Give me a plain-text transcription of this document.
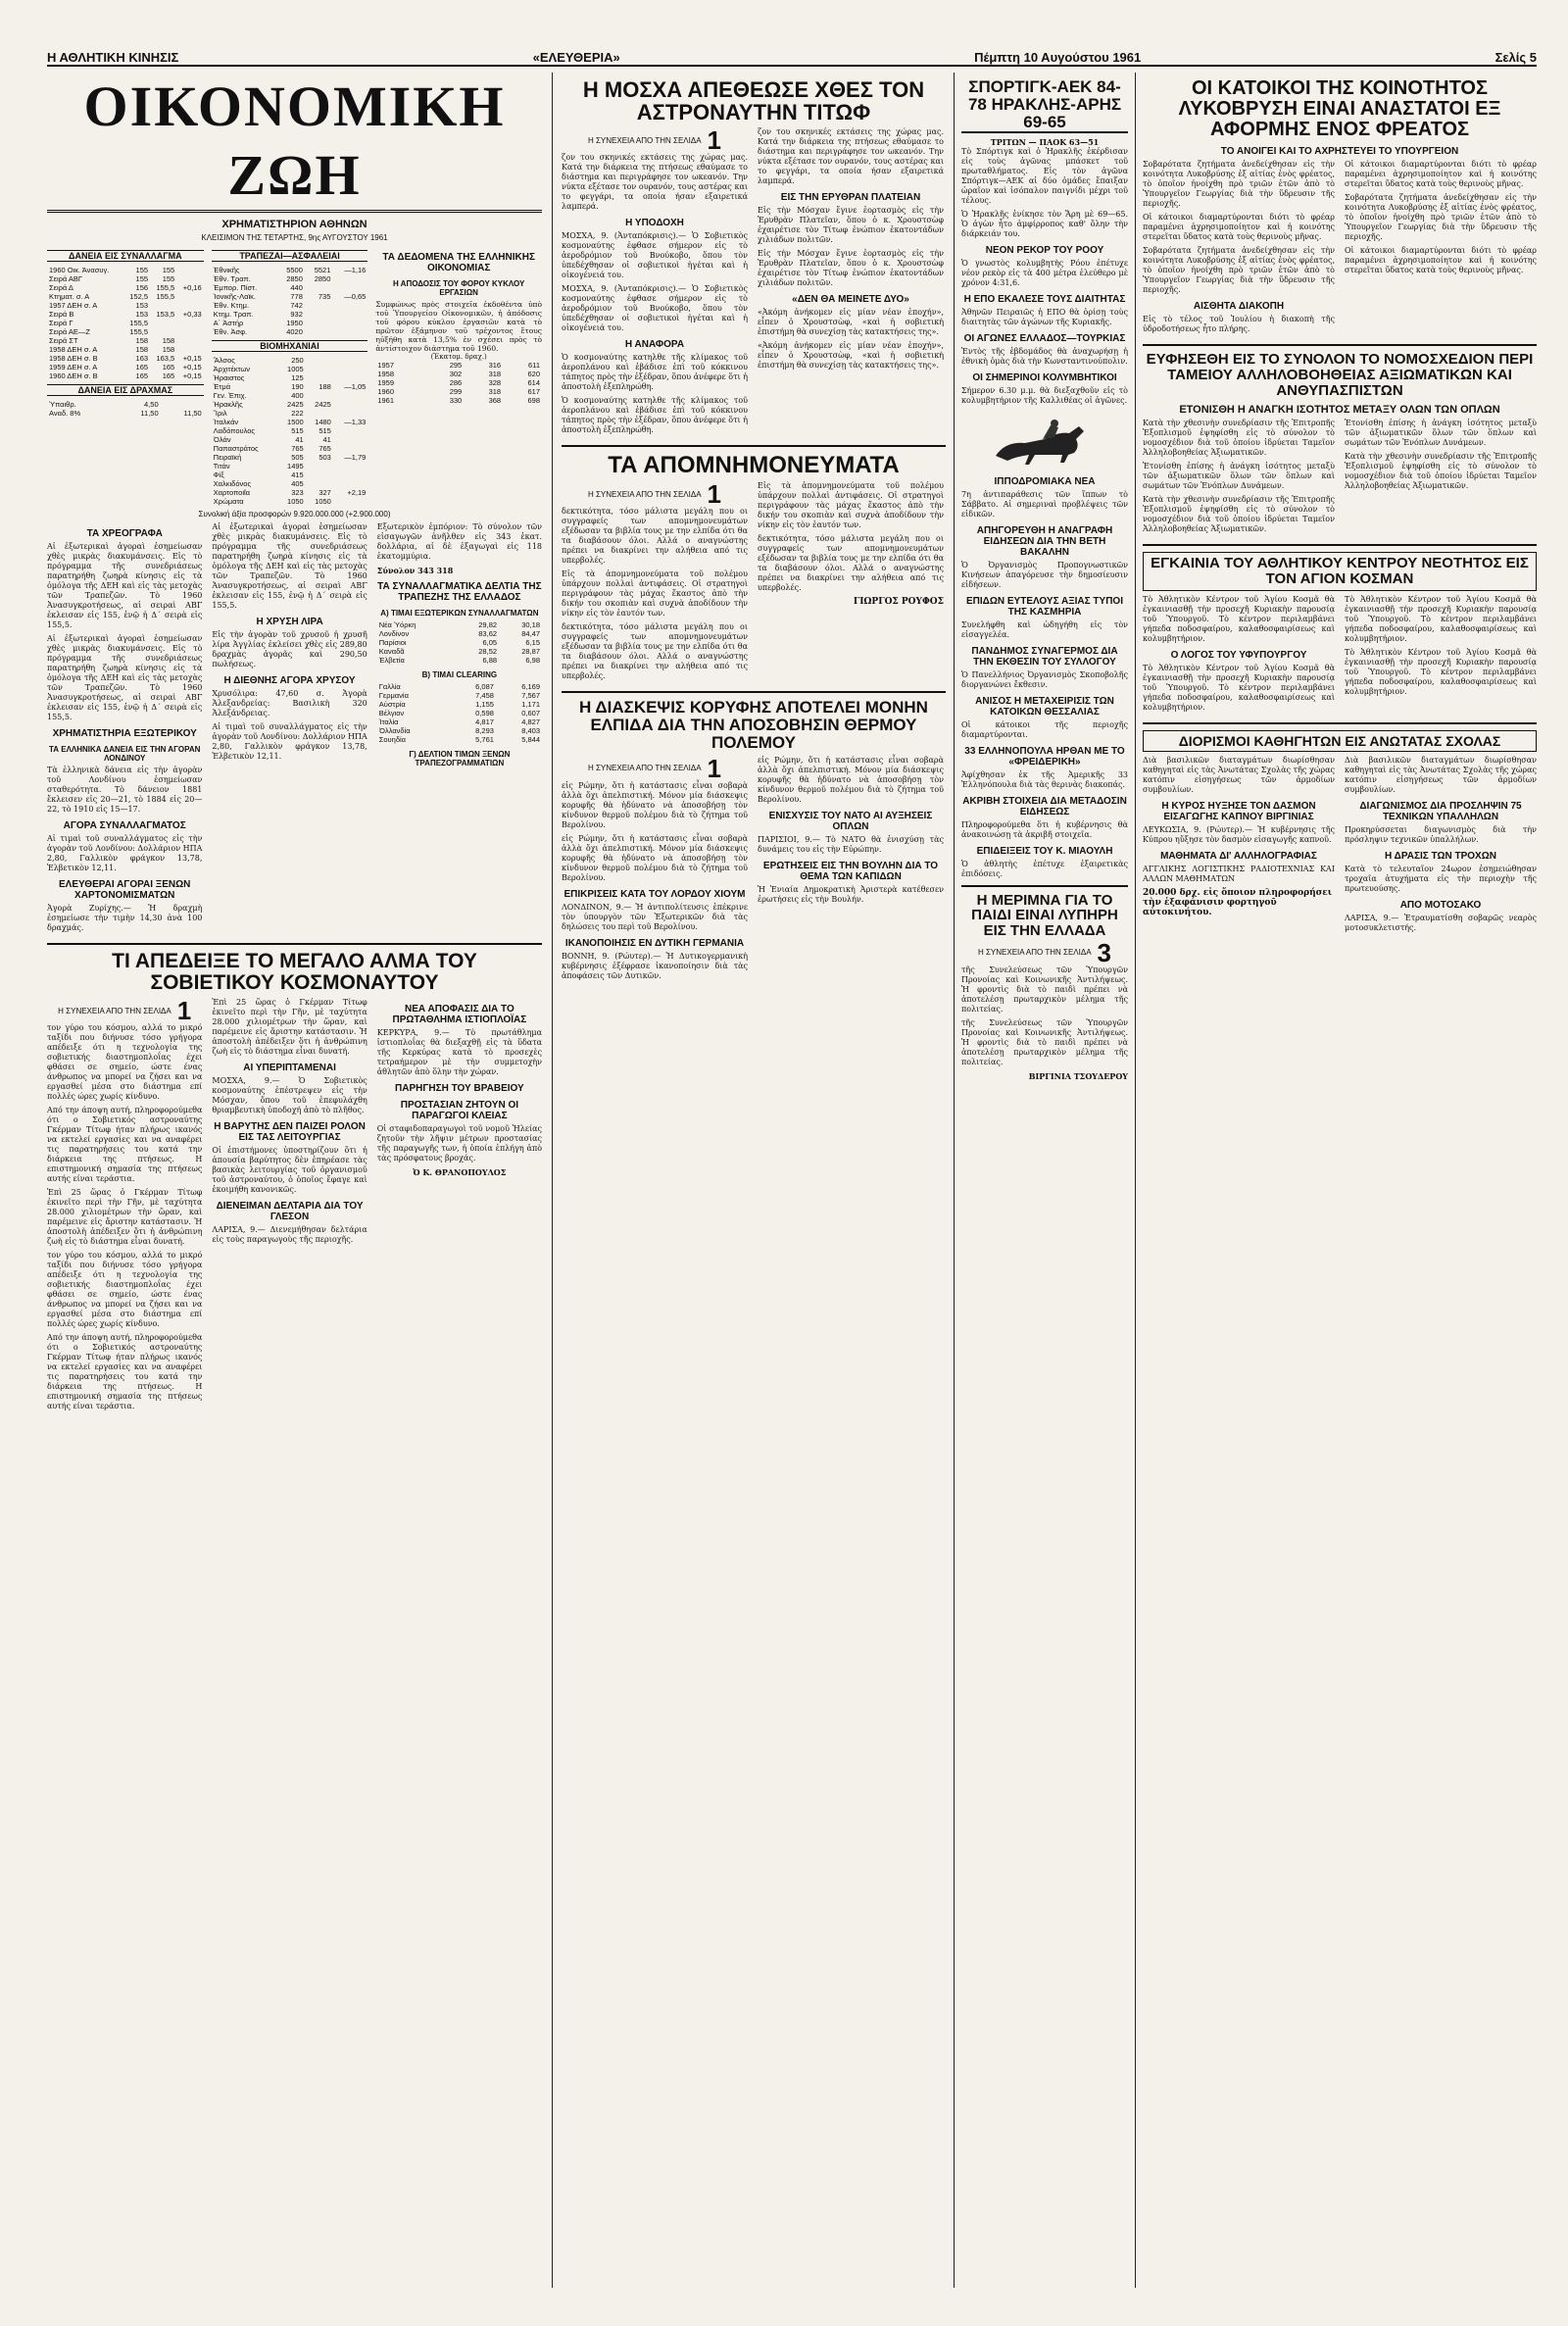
Η ΑΘΛΗΤΙΚΗ ΚΙΝΗΣΙΣ	«ΕΛΕΥΘΕΡΙΑ»	Πέμπτη 10 Αυγούστου 1961	Σελίς 5
ΟΙΚΟΝΟΜΙΚΗ ΖΩΗ
ΧΡΗΜΑΤΙΣΤΗΡΙΟΝ ΑΘΗΝΩΝ
ΚΛΕΙΣΙΜΟΝ ΤΗΣ ΤΕΤΑΡΤΗΣ, 9ης ΑΥΓΟΥΣΤΟΥ 1961
ΔΑΝΕΙΑ ΕΙΣ ΣΥΝΑΛΛΑΓΜΑ
1960 Οικ. Άνασυγ.	155	155	
Σειρά ΑΒΓ	155	155	
Σειρά Δ	156	155,5	+0,16
Κτηματ. σ. Α	152,5	155,5	
1957 ΔΕΗ σ. Α	153		
Σειρά Β	153	153,5	+0,33
Σειρά Γ	155,5		
Σειρά ΑΕ—Ζ	155,5		
Σειρά ΣΤ	158	158	
1958 ΔΕΗ σ. Α	158	158	
1958 ΔΕΗ σ. Β	163	163,5	+0,15
1959 ΔΕΗ σ. Α	165	165	+0,15
1960 ΔΕΗ σ. Β	165	165	+0,15
ΔΑΝΕΙΑ ΕΙΣ ΔΡΑΧΜΑΣ
Ὑπαιθρ.	4,50	
Αναδ. 8%	11,50	11,50
ΤΡΑΠΕΖΑΙ—ΑΣΦΑΛΕΙΑΙ
Ἐθνικῆς	5500	5521	—1,16
Ἐθν. Τραπ.	2850	2850	
Ἐμπορ. Πίστ.	440		
Ἰονικῆς-Λαϊκ.	778	735	—0,65
Ἐθν. Κτημ.	742		
Κτημ. Τραπ.	932		
Α΄ Ἀστήρ	1950		
Ἐθν. Ἀσφ.	4020		
ΒΙΟΜΗΧΑΝΙΑΙ
Ἄλσος	250		
Ἀρχιτέκτων	1005		
Ἡραιστος	125		
Ἐτμά	190	188	—1,05
Γεν. Ἐπιχ.	400		
Ἡρακλῆς	2425	2425	
Ἴριλ	222		
Ἰταλκάν	1500	1480	—1,33
Λαδόπουλος	515	515	
Ὀλάν	41	41	
Παπαστράτος	765	765	
Πειραϊκή	505	503	—1,79
Τιτάν	1495		
Φίξ	415		
Χαλκιδόνος	405		
Χαρτοποιΐα	323	327	+2,19
Χρώματα	1050	1050	
ΤΑ ΔΕΔΟΜΕΝΑ ΤΗΣ ΕΛΛΗΝΙΚΗΣ ΟΙΚΟΝΟΜΙΑΣ
Η ΑΠΟΔΟΣΙΣ ΤΟΥ ΦΟΡΟΥ ΚΥΚΛΟΥ ΕΡΓΑΣΙΩΝ

Συμφώνως πρὸς στοιχεῖα ἐκδοθέντα ὑπὸ τοῦ Ὑπουργείου Οἰκονομικῶν, ἡ ἀπόδοσις τοῦ φόρου κύκλου ἐργασιῶν κατὰ τὸ πρῶτον ἑξάμηνον τοῦ τρέχοντος ἔτους ηὐξήθη κατὰ 13,5% ἐν σχέσει πρὸς τὸ ἀντίστοιχον διάστημα τοῦ 1960.

(Ἑκατομ. δραχ.)
1957	295	316	611
1958	302	318	620
1959	286	328	614
1960	299	318	617
1961	330	368	698
Συνολική άξία προσφορών 9.920.000.000 (+2.900.000)
ΤΑ ΧΡΕΟΓΡΑΦΑ

Αἱ ἐξωτερικαὶ ἀγοραὶ ἐσημείωσαν χθὲς μικρὰς διακυμάνσεις. Εἰς τὸ πρόγραμμα τῆς συνεδριάσεως παρατηρήθη ζωηρὰ κίνησις εἰς τὰ ὁμόλογα τῆς ΔΕΗ καὶ εἰς τὰς μετοχὰς τῶν Τραπεζῶν. Τὸ 1960 Ἀνασυγκροτήσεως, αἱ σειραὶ ΑΒΓ ἐκλεισαν εἰς 155, ἐνῷ ἡ Δ΄ σειρὰ εἰς 155,5.

Αἱ ἐξωτερικαὶ ἀγοραὶ ἐσημείωσαν χθὲς μικρὰς διακυμάνσεις. Εἰς τὸ πρόγραμμα τῆς συνεδριάσεως παρατηρήθη ζωηρὰ κίνησις εἰς τὰ ὁμόλογα τῆς ΔΕΗ καὶ εἰς τὰς μετοχὰς τῶν Τραπεζῶν. Τὸ 1960 Ἀνασυγκροτήσεως, αἱ σειραὶ ΑΒΓ ἐκλεισαν εἰς 155, ἐνῷ ἡ Δ΄ σειρὰ εἰς 155,5.

ΧΡΗΜΑΤΙΣΤΗΡΙΑ ΕΞΩΤΕΡΙΚΟΥ
ΤΑ ΕΛΛΗΝΙΚΑ ΔΑΝΕΙΑ ΕΙΣ ΤΗΝ ΑΓΟΡΑΝ ΛΟΝΔΙΝΟΥ

Τὰ ἑλληνικὰ δάνεια εἰς τὴν ἀγορὰν τοῦ Λονδίνου ἐσημείωσαν σταθερότητα. Τὸ δάνειον 1881 ἔκλεισεν εἰς 20—21, τὸ 1884 εἰς 20—22, τὸ 1910 εἰς 15—17.

ΑΓΟΡΑ ΣΥΝΑΛΛΑΓΜΑΤΟΣ

Αἱ τιμαὶ τοῦ συναλλάγματος εἰς τὴν ἀγορὰν τοῦ Λονδίνου: Δολλάριον ΗΠΑ 2,80, Γαλλικὸν φράγκον 13,78, Ἑλβετικὸν 12,11.

ΕΛΕΥΘΕΡΑΙ ΑΓΟΡΑΙ ΞΕΝΩΝ ΧΑΡΤΟΝΟΜΙΣΜΑΤΩΝ

Ἀγορὰ Ζυρίχης.— Ἡ δραχμὴ ἐσημείωσε τὴν τιμὴν 14,30 ἀνὰ 100 δραχμάς.

Αἱ ἐξωτερικαὶ ἀγοραὶ ἐσημείωσαν χθὲς μικρὰς διακυμάνσεις. Εἰς τὸ πρόγραμμα τῆς συνεδριάσεως παρατηρήθη ζωηρὰ κίνησις εἰς τὰ ὁμόλογα τῆς ΔΕΗ καὶ εἰς τὰς μετοχὰς τῶν Τραπεζῶν. Τὸ 1960 Ἀνασυγκροτήσεως, αἱ σειραὶ ΑΒΓ ἐκλεισαν εἰς 155, ἐνῷ ἡ Δ΄ σειρὰ εἰς 155,5.

Η ΧΡΥΣΗ ΛΙΡΑ

Εἰς τὴν ἀγορὰν τοῦ χρυσοῦ ἡ χρυσῆ λίρα Ἀγγλίας ἐκλείσει χθὲς εἰς 289,80 δραχμὰς ἀγορᾶς καὶ 290,50 πωλήσεως.

Η ΔΙΕΘΝΗΣ ΑΓΟΡΑ ΧΡΥΣΟΥ

Χρυσόλιρα: 47,60 σ. Ἀγορὰ Ἀλεξανδρείας: Βασιλικὴ 320 Ἀλεξάνδρειας.

Αἱ τιμαὶ τοῦ συναλλάγματος εἰς τὴν ἀγορὰν τοῦ Λονδίνου: Δολλάριον ΗΠΑ 2,80, Γαλλικὸν φράγκον 13,78, Ἑλβετικὸν 12,11.

Εξωτερικὸν ἐμπόριον: Τὸ σύνολον τῶν εἰσαγωγῶν ἀνῆλθεν εἰς 343 ἑκατ. δολλάρια, αἱ δὲ ἐξαγωγαὶ εἰς 118 ἑκατομμύρια.

Σύνολον 343 318
ΤΑ ΣΥΝΑΛΛΑΓΜΑΤΙΚΑ ΔΕΛΤΙΑ ΤΗΣ ΤΡΑΠΕΖΗΣ ΤΗΣ ΕΛΛΑΔΟΣ
Α) ΤΙΜΑΙ ΕΞΩΤΕΡΙΚΩΝ ΣΥΝΑΛΛΑΓΜΑΤΩΝ
Νέα Ὑόρκη	29,82	30,18
Λονδίνον	83,62	84,47
Παρίσιοι	6,05	6,15
Καναδᾶ	28,52	28,87
Ἐλβετία	6,88	6,98
Β) ΤΙΜΑΙ CLEARING
Γαλλία	6,087	6,169
Γερμανία	7,458	7,567
Αὐστρία	1,155	1,171
Βέλγιον	0,598	0,607
Ἰταλία	4,817	4,827
Ὀλλανδία	8,293	8,403
Σουηδία	5,761	5,844
Γ) ΔΕΛΤΙΟΝ ΤΙΜΩΝ ΞΕΝΩΝ ΤΡΑΠΕΖΟΓΡΑΜΜΑΤΙΩΝ
ΤΙ ΑΠΕΔΕΙΞΕ ΤΟ ΜΕΓΑΛΟ ΑΛΜΑ ΤΟΥ ΣΟΒΙΕΤΙΚΟΥ ΚΟΣΜΟΝΑΥΤΟΥ
Η ΣΥΝΕΧΕΙΑ ΑΠΟ ΤΗΝ ΣΕΛΙΔΑ 1

τον γύρο του κόσμου, αλλά το μικρό ταξίδι που διήνυσε τόσο γρήγορα απέδειξε ότι η τεχνολογία της σοβιετικής διαστημοπλοΐας έχει φθάσει σε σημείο, ώστε ένας άνθρωπος να μπορεί να ζήσει και να εργασθεί μέσα στο διάστημα επί πολλές ώρες χωρίς κίνδυνο.

Από την άποψη αυτή, πληροφορούμεθα ότι ο Σοβιετικός αστροναύτης Γκέρμαν Τίτωφ ήταν πλήρως ικανός να εκτελεί εργασίες και να αναφέρει τις παρατηρήσεις του κατά την διάρκεια της πτήσεως. Η επιστημονική σημασία της πτήσεως αυτής είναι τεράστια.

Ἐπὶ 25 ὥρας ὁ Γκέρμαν Τίτωφ ἐκινεῖτο περὶ τὴν Γῆν, μὲ ταχύτητα 28.000 χιλιομέτρων τὴν ὥραν, καὶ παρέμεινε εἰς ἄριστην κατάστασιν. Ἡ ἀποστολὴ ἀπέδειξεν ὅτι ἡ ἀνθρώπινη ζωὴ εἰς τὸ διάστημα εἶναι δυνατή.

τον γύρο του κόσμου, αλλά το μικρό ταξίδι που διήνυσε τόσο γρήγορα απέδειξε ότι η τεχνολογία της σοβιετικής διαστημοπλοΐας έχει φθάσει σε σημείο, ώστε ένας άνθρωπος να μπορεί να ζήσει και να εργασθεί μέσα στο διάστημα επί πολλές ώρες χωρίς κίνδυνο.

Από την άποψη αυτή, πληροφορούμεθα ότι ο Σοβιετικός αστροναύτης Γκέρμαν Τίτωφ ήταν πλήρως ικανός να εκτελεί εργασίες και να αναφέρει τις παρατηρήσεις του κατά την διάρκεια της πτήσεως. Η επιστημονική σημασία της πτήσεως αυτής είναι τεράστια.

Ἐπὶ 25 ὥρας ὁ Γκέρμαν Τίτωφ ἐκινεῖτο περὶ τὴν Γῆν, μὲ ταχύτητα 28.000 χιλιομέτρων τὴν ὥραν, καὶ παρέμεινε εἰς ἄριστην κατάστασιν. Ἡ ἀποστολὴ ἀπέδειξεν ὅτι ἡ ἀνθρώπινη ζωὴ εἰς τὸ διάστημα εἶναι δυνατή.

ΑΙ ΥΠΕΡΙΠΤΑΜΕΝΑΙ

ΜΟΣΧΑ, 9.— Ὁ Σοβιετικὸς κοσμοναύτης ἐπέστρεψεν εἰς τὴν Μόσχαν, ὅπου τοῦ ἐπεφυλάχθη θριαμβευτικὴ ὑποδοχή ἀπὸ τὸ πλῆθος.

Η ΒΑΡΥΤΗΣ ΔΕΝ ΠΑΙΖΕΙ ΡΟΛΟΝ ΕΙΣ ΤΑΣ ΛΕΙΤΟΥΡΓΙΑΣ

Οἱ ἐπιστήμονες ὑποστηρίζουν ὅτι ἡ ἀπουσία βαρύτητος δὲν ἐπηρέασε τὰς βασικὰς λειτουργίας τοῦ ὀργανισμοῦ τοῦ ἀστροναύτου, ὁ ὁποῖος ἔφαγε καὶ ἐκοιμήθη κανονικῶς.

ΔΙΕΝΕΙΜΑΝ ΔΕΛΤΑΡΙΑ ΔΙΑ ΤΟΥ ΓΛΕΣΟΝ

ΛΑΡΙΣΑ, 9.— Διενεμήθησαν δελτάρια εἰς τοὺς παραγωγοὺς τῆς περιοχῆς.

ΝΕΑ ΑΠΟΦΑΣΙΣ ΔΙΑ ΤΟ ΠΡΩΤΑΘΛΗΜΑ ΙΣΤΙΟΠΛΟΪΑΣ

ΚΕΡΚΥΡΑ, 9.— Τὸ πρωτάθλημα ἱστιοπλοΐας θὰ διεξαχθῇ εἰς τὰ ὕδατα τῆς Κερκύρας κατὰ τὸ προσεχὲς τετραήμερον μὲ τὴν συμμετοχὴν ἀθλητῶν ἀπὸ ὅλην τὴν χώραν.

ΠΑΡΗΓΗΣΗ ΤΟΥ ΒΡΑΒΕΙΟΥ
ΠΡΟΣΤΑΣΙΑΝ ΖΗΤΟΥΝ ΟΙ ΠΑΡΑΓΩΓΟΙ ΚΛΕΙΑΣ

Οἱ σταφιδοπαραγωγοὶ τοῦ νομοῦ Ἠλείας ζητοῦν τὴν λῆψιν μέτρων προστασίας τῆς παραγωγῆς των, ἡ ὁποία ἐπλήγη ἀπὸ τὰς πρόσφατους βροχάς.

Ὀ Κ. ΘΡΑΝΟΠΟΥΛΟΣ
Η ΜΟΣΧΑ ΑΠΕΘΕΩΣΕ ΧΘΕΣ ΤΟΝ ΑΣΤΡΟΝΑΥΤΗΝ ΤΙΤΩΦ
Η ΣΥΝΕΧΕΙΑ ΑΠΟ ΤΗΝ ΣΕΛΙΔΑ 1

ζον του σκηνικές εκτάσεις της χώρας μας. Κατά την διάρκεια της πτήσεως εθαύμασε το διάστημα και περιγράφησε τον ωκεανόν. Την νύκτα εξέτασε τον ουρανόν, τους αστέρας και το φεγγάρι, τα οποία ήσαν εξαιρετικά λαμπερά.

Η ΥΠΟΔΟΧΗ

ΜΟΣΧΑ, 9. (Ἀνταπόκρισις).— Ὁ Σοβιετικὸς κοσμοναύτης ἐφθασε σήμερον εἰς τὸ ἀεροδρόμιον τοῦ Βνούκοβο, ὅπου τὸν ὑπεδέχθησαν οἱ σοβιετικοὶ ἡγέται καὶ ἡ οἰκογένειά του.

ΜΟΣΧΑ, 9. (Ἀνταπόκρισις).— Ὁ Σοβιετικὸς κοσμοναύτης ἐφθασε σήμερον εἰς τὸ ἀεροδρόμιον τοῦ Βνούκοβο, ὅπου τὸν ὑπεδέχθησαν οἱ σοβιετικοὶ ἡγέται καὶ ἡ οἰκογένειά του.

Η ΑΝΑΦΟΡΑ

Ὁ κοσμοναύτης κατηλθε τῆς κλίμακος τοῦ ἀεροπλάνου καὶ ἐβάδισε ἐπὶ τοῦ κόκκινου τάπητος πρὸς τὴν ἐξέδραν, ὅπου ἀνέφερε ὅτι ἡ ἀποστολὴ ἐξεπληρώθη.

Ὁ κοσμοναύτης κατηλθε τῆς κλίμακος τοῦ ἀεροπλάνου καὶ ἐβάδισε ἐπὶ τοῦ κόκκινου τάπητος πρὸς τὴν ἐξέδραν, ὅπου ἀνέφερε ὅτι ἡ ἀποστολὴ ἐξεπληρώθη.

ζον του σκηνικές εκτάσεις της χώρας μας. Κατά την διάρκεια της πτήσεως εθαύμασε το διάστημα και περιγράφησε τον ωκεανόν. Την νύκτα εξέτασε τον ουρανόν, τους αστέρας και το φεγγάρι, τα οποία ήσαν εξαιρετικά λαμπερά.

ΕΙΣ ΤΗΝ ΕΡΥΘΡΑΝ ΠΛΑΤΕΙΑΝ

Εἰς τὴν Μόσχαν ἔγινε ἑορτασμὸς εἰς τὴν Ἐρυθρὰν Πλατεῖαν, ὅπου ὁ κ. Χρουστσὼφ ἐχαιρέτισε τὸν Τίτωφ ἐνώπιον ἑκατοντάδων χιλιάδων πολιτῶν.

Εἰς τὴν Μόσχαν ἔγινε ἑορτασμὸς εἰς τὴν Ἐρυθρὰν Πλατεῖαν, ὅπου ὁ κ. Χρουστσὼφ ἐχαιρέτισε τὸν Τίτωφ ἐνώπιον ἑκατοντάδων χιλιάδων πολιτῶν.

«ΔΕΝ ΘΑ ΜΕΙΝΕΤΕ ΔΥΟ»

«Ἀκόμη ἀνήκομεν εἰς μίαν νέαν ἐποχήν», εἶπεν ὁ Χρουστσὼφ, «καὶ ἡ σοβιετικὴ ἐπιστήμη θὰ συνεχίσῃ τὰς κατακτήσεις της».

«Ἀκόμη ἀνήκομεν εἰς μίαν νέαν ἐποχήν», εἶπεν ὁ Χρουστσὼφ, «καὶ ἡ σοβιετικὴ ἐπιστήμη θὰ συνεχίσῃ τὰς κατακτήσεις της».

ΤΑ ΑΠΟΜΝΗΜΟΝΕΥΜΑΤΑ
Η ΣΥΝΕΧΕΙΑ ΑΠΟ ΤΗΝ ΣΕΛΙΔΑ 1

δεκτικότητα, τόσο μάλιστα μεγάλη που οι συγγραφείς των απομνημονευμάτων εξέδωσαν τα βιβλία τους με την ελπίδα ότι θα τα διαβάσουν όλοι. Αλλά ο αναγνώστης πρέπει να διακρίνει την αλήθεια από τις υπερβολές.

Εἰς τὰ ἀπομνημονεύματα τοῦ πολέμου ὑπάρχουν πολλαὶ ἀντιφάσεις. Οἱ στρατηγοὶ περιγράφουν τὰς μάχας ἕκαστος ἀπὸ τὴν δικήν του σκοπιὰν καὶ συχνὰ ἀποδίδουν τὴν νίκην εἰς τὸν ἑαυτόν των.

δεκτικότητα, τόσο μάλιστα μεγάλη που οι συγγραφείς των απομνημονευμάτων εξέδωσαν τα βιβλία τους με την ελπίδα ότι θα τα διαβάσουν όλοι. Αλλά ο αναγνώστης πρέπει να διακρίνει την αλήθεια από τις υπερβολές.

Εἰς τὰ ἀπομνημονεύματα τοῦ πολέμου ὑπάρχουν πολλαὶ ἀντιφάσεις. Οἱ στρατηγοὶ περιγράφουν τὰς μάχας ἕκαστος ἀπὸ τὴν δικήν του σκοπιὰν καὶ συχνὰ ἀποδίδουν τὴν νίκην εἰς τὸν ἑαυτόν των.

δεκτικότητα, τόσο μάλιστα μεγάλη που οι συγγραφείς των απομνημονευμάτων εξέδωσαν τα βιβλία τους με την ελπίδα ότι θα τα διαβάσουν όλοι. Αλλά ο αναγνώστης πρέπει να διακρίνει την αλήθεια από τις υπερβολές.

ΓΙΩΡΓΟΣ ΡΟΥΦΟΣ
Η ΔΙΑΣΚΕΨΙΣ ΚΟΡΥΦΗΣ ΑΠΟΤΕΛΕΙ ΜΟΝΗΝ ΕΛΠΙΔΑ ΔΙΑ ΤΗΝ ΑΠΟΣΟΒΗΣΙΝ ΘΕΡΜΟΥ ΠΟΛΕΜΟΥ
Η ΣΥΝΕΧΕΙΑ ΑΠΟ ΤΗΝ ΣΕΛΙΔΑ 1

εἰς Ρώμην, ὅτι ἡ κατάστασις εἶναι σοβαρὰ ἀλλὰ ὄχι ἀπελπιστική. Μόνον μία διάσκεψις κορυφῆς θὰ ἠδύνατο νὰ ἀποσοβήσῃ τὸν κίνδυνον θερμοῦ πολέμου διὰ τὸ ζήτημα τοῦ Βερολίνου.

εἰς Ρώμην, ὅτι ἡ κατάστασις εἶναι σοβαρὰ ἀλλὰ ὄχι ἀπελπιστική. Μόνον μία διάσκεψις κορυφῆς θὰ ἠδύνατο νὰ ἀποσοβήσῃ τὸν κίνδυνον θερμοῦ πολέμου διὰ τὸ ζήτημα τοῦ Βερολίνου.

ΕΠΙΚΡΙΣΕΙΣ ΚΑΤΑ ΤΟΥ ΛΟΡΔΟΥ ΧΙΟΥΜ

ΛΟΝΔΙΝΟΝ, 9.— Ἡ ἀντιπολίτευσις ἐπέκρινε τὸν ὑπουργὸν τῶν Ἐξωτερικῶν διὰ τὰς δηλώσεις του περὶ τοῦ Βερολίνου.

ΙΚΑΝΟΠΟΙΗΣΙΣ ΕΝ ΔΥΤΙΚΗ ΓΕΡΜΑΝΙΑ

ΒΟΝΝΗ, 9. (Ρώυτερ).— Ἡ Δυτικογερμανικὴ κυβέρνησις ἐξέφρασε ἱκανοποίησιν διὰ τὰς ἀποφάσεις τῶν Δυτικῶν.

εἰς Ρώμην, ὅτι ἡ κατάστασις εἶναι σοβαρὰ ἀλλὰ ὄχι ἀπελπιστική. Μόνον μία διάσκεψις κορυφῆς θὰ ἠδύνατο νὰ ἀποσοβήσῃ τὸν κίνδυνον θερμοῦ πολέμου διὰ τὸ ζήτημα τοῦ Βερολίνου.

ΕΝΙΣΧΥΣΙΣ ΤΟΥ ΝΑΤΟ ΑΙ ΑΥΞΗΣΕΙΣ ΟΠΛΩΝ

ΠΑΡΙΣΙΟΙ, 9.— Τὸ ΝΑΤΟ θὰ ἐνισχύσῃ τὰς δυνάμεις του εἰς τὴν Εὐρώπην.

ΕΡΩΤΗΣΕΙΣ ΕΙΣ ΤΗΝ ΒΟΥΛΗΝ ΔΙΑ ΤΟ ΘΕΜΑ ΤΩΝ ΚΑΠΙΔΩΝ

Ἡ Ἑνιαία Δημοκρατικὴ Ἀριστερὰ κατέθεσεν ἐρωτήσεις εἰς τὴν Βουλήν.

ΣΠΟΡΤΙΓΚ-ΑΕΚ 84-78 ΗΡΑΚΛΗΣ-ΑΡΗΣ 69-65
ΤΡΙΤΩΝ — ΠΑΟΚ 63—51

Τὸ Σπόρτιγκ καὶ ὁ Ἡρακλῆς ἐκέρδισαν εἰς τοὺς ἀγῶνας μπάσκετ τοῦ πρωταθλήματος. Εἰς τὸν ἀγῶνα Σπόρτιγκ—ΑΕΚ αἱ δύο ὁμάδες ἔπαιξαν ὡραῖον καὶ ἰσόπαλον παιγνίδι μέχρι τοῦ τέλους.

Ὁ Ἡρακλῆς ἐνίκησε τὸν Ἄρη μὲ 69—65. Ὁ ἀγὼν ἦτο ἀμφίρροπος καθ' ὅλην τὴν διάρκειάν του.

ΝΕΟΝ ΡΕΚΟΡ ΤΟΥ ΡΟΟΥ

Ὁ γνωστὸς κολυμβητὴς Ρόου ἐπέτυχε νέον ρεκὸρ εἰς τὰ 400 μέτρα ἐλεύθερο μὲ χρόνον 4:31,6.

Η ΕΠΟ ΕΚΑΛΕΣΕ ΤΟΥΣ ΔΙΑΙΤΗΤΑΣ

Ἀθηνῶν Πειραιῶς ἡ ΕΠΟ θὰ ὁρίσῃ τοὺς διαιτητὰς τῶν ἀγώνων τῆς Κυριακῆς.

ΟΙ ΑΓΩΝΕΣ ΕΛΛΑΔΟΣ—ΤΟΥΡΚΙΑΣ

Ἐντὸς τῆς ἑβδομάδος θὰ ἀναχωρήσῃ ἡ ἐθνικὴ ὁμὰς διὰ τὴν Κωνσταντινούπολιν.

ΟΙ ΣΗΜΕΡΙΝΟΙ ΚΟΛΥΜΒΗΤΙΚΟΙ

Σήμερον 6.30 μ.μ. θὰ διεξαχθοῦν εἰς τὸ κολυμβητήριον τῆς Καλλιθέας οἱ ἀγῶνες.

ΙΠΠΟΔΡΟΜΙΑΚΑ ΝΕΑ

7η ἀντιπαράθεσις τῶν ἵππων τὸ Σάββατο. Αἱ σημεριναὶ προβλέψεις τῶν εἰδικῶν.

ΑΠΗΓΟΡΕΥΘΗ Η ΑΝΑΓΡΑΦΗ ΕΙΔΗΣΕΩΝ ΔΙΑ ΤΗΝ ΒΕΤΗ ΒΑΚΑΛΗΝ

Ὁ Ὀργανισμὸς Προπογνωστικῶν Κινήσεων ἀπαγόρευσε τὴν δημοσίευσιν εἰδήσεων.

ΕΠΙΔΩΝ ΕΥΤΕΛΟΥΣ ΑΞΙΑΣ ΤΥΠΟΙ ΤΗΣ ΚΑΣΜΗΡΙΑ

Συνελήφθη καὶ ὡδηγήθη εἰς τὸν εἰσαγγελέα.

ΠΑΝΔΗΜΟΣ ΣΥΝΑΓΕΡΜΟΣ ΔΙΑ ΤΗΝ ΕΚΘΕΣΙΝ ΤΟΥ ΣΥΛΛΟΓΟΥ

Ὁ Πανελλήνιος Ὀργανισμὸς Σκοποβολῆς διοργανώνει ἔκθεσιν.

ΑΝΙΣΟΣ Η ΜΕΤΑΧΕΙΡΙΣΙΣ ΤΩΝ ΚΑΤΟΙΚΩΝ ΘΕΣΣΑΛΙΑΣ

Οἱ κάτοικοι τῆς περιοχῆς διαμαρτύρονται.

33 ΕΛΛΗΝΟΠΟΥΛΑ ΗΡΘΑΝ ΜΕ ΤΟ «ΦΡΕΙΔΕΡΙΚΗ»

Ἀφίχθησαν ἐκ τῆς Ἀμερικῆς 33 Ἑλληνόπουλα διὰ τὰς θερινὰς διακοπάς.

ΑΚΡΙΒΗ ΣΤΟΙΧΕΙΑ ΔΙΑ ΜΕΤΑΔΟΣΙΝ ΕΙΔΗΣΕΩΣ

Πληροφορούμεθα ὅτι ἡ κυβέρνησις θὰ ἀνακοινώσῃ τὰ ἀκριβῆ στοιχεῖα.

ΕΠΙΔΕΙΞΕΙΣ ΤΟΥ Κ. ΜΙΑΟΥΛΗ

Ὁ ἀθλητὴς ἐπέτυχε ἐξαιρετικὰς ἐπιδόσεις.

Η ΜΕΡΙΜΝΑ ΓΙΑ ΤΟ ΠΑΙΔΙ ΕΙΝΑΙ ΛΥΠΗΡΗ ΕΙΣ ΤΗΝ ΕΛΛΑΔΑ
Η ΣΥΝΕΧΕΙΑ ΑΠΟ ΤΗΝ ΣΕΛΙΔΑ 3

τῆς Συνελεύσεως τῶν Ὑπουργῶν Προνοίας καὶ Κοινωνικῆς Ἀντιλήψεως. Ἡ φροντὶς διὰ τὸ παιδὶ πρέπει νὰ ἀποτελέσῃ πρωταρχικὸν μέλημα τῆς πολιτείας.

τῆς Συνελεύσεως τῶν Ὑπουργῶν Προνοίας καὶ Κοινωνικῆς Ἀντιλήψεως. Ἡ φροντὶς διὰ τὸ παιδὶ πρέπει νὰ ἀποτελέσῃ πρωταρχικὸν μέλημα τῆς πολιτείας.

ΒΙΡΓΙΝΙΑ ΤΣΟΥΔΕΡΟΥ
ΟΙ ΚΑΤΟΙΚΟΙ ΤΗΣ ΚΟΙΝΟΤΗΤΟΣ ΛΥΚΟΒΡΥΣΗ ΕΙΝΑΙ ΑΝΑΣΤΑΤΟΙ ΕΞ ΑΦΟΡΜΗΣ ΕΝΟΣ ΦΡΕΑΤΟΣ
ΤΟ ΑΝΟΙΓΕΙ ΚΑΙ ΤΟ ΑΧΡΗΣΤΕΥΕΙ ΤΟ ΥΠΟΥΡΓΕΙΟΝ

Σοβαρότατα ζητήματα ἀνεδείχθησαν εἰς τὴν κοινότητα Λυκοβρύσης ἐξ αἰτίας ἑνὸς φρέατος, τὸ ὁποῖον ἠνοίχθη πρὸ τριῶν ἐτῶν ἀπὸ τὸ Ὑπουργεῖον Γεωργίας διὰ τὴν ὕδρευσιν τῆς περιοχῆς.

Οἱ κάτοικοι διαμαρτύρονται διότι τὸ φρέαρ παραμένει ἀχρησιμοποίητον καὶ ἡ κοινότης στερεῖται ὕδατος κατὰ τοὺς θερινοὺς μῆνας.

Σοβαρότατα ζητήματα ἀνεδείχθησαν εἰς τὴν κοινότητα Λυκοβρύσης ἐξ αἰτίας ἑνὸς φρέατος, τὸ ὁποῖον ἠνοίχθη πρὸ τριῶν ἐτῶν ἀπὸ τὸ Ὑπουργεῖον Γεωργίας διὰ τὴν ὕδρευσιν τῆς περιοχῆς.

ΑΙΣΘΗΤΑ ΔΙΑΚΟΠΗ

Εἰς τὸ τέλος τοῦ Ἰουλίου ἡ διακοπὴ τῆς ὑδροδοτήσεως ἦτο πλήρης.

Οἱ κάτοικοι διαμαρτύρονται διότι τὸ φρέαρ παραμένει ἀχρησιμοποίητον καὶ ἡ κοινότης στερεῖται ὕδατος κατὰ τοὺς θερινοὺς μῆνας.

Σοβαρότατα ζητήματα ἀνεδείχθησαν εἰς τὴν κοινότητα Λυκοβρύσης ἐξ αἰτίας ἑνὸς φρέατος, τὸ ὁποῖον ἠνοίχθη πρὸ τριῶν ἐτῶν ἀπὸ τὸ Ὑπουργεῖον Γεωργίας διὰ τὴν ὕδρευσιν τῆς περιοχῆς.

Οἱ κάτοικοι διαμαρτύρονται διότι τὸ φρέαρ παραμένει ἀχρησιμοποίητον καὶ ἡ κοινότης στερεῖται ὕδατος κατὰ τοὺς θερινοὺς μῆνας.

ΕΥΦΗΣΕΘΗ ΕΙΣ ΤΟ ΣΥΝΟΛΟΝ ΤΟ ΝΟΜΟΣΧΕΔΙΟΝ ΠΕΡΙ ΤΑΜΕΙΟΥ ΑΛΛΗΛΟΒΟΗΘΕΙΑΣ ΑΞΙΩΜΑΤΙΚΩΝ ΚΑΙ ΑΝΘΥΠΑΣΠΙΣΤΩΝ
ΕΤΟΝΙΣΘΗ Η ΑΝΑΓΚΗ ΙΣΟΤΗΤΟΣ ΜΕΤΑΞΥ ΟΛΩΝ ΤΩΝ ΟΠΛΩΝ

Κατὰ τὴν χθεσινὴν συνεδρίασιν τῆς Ἐπιτροπῆς Ἐξοπλισμοῦ ἐψηφίσθη εἰς τὸ σύνολον τὸ νομοσχέδιον διὰ τοῦ ὁποίου ἱδρύεται Ταμεῖον Ἀλληλοβοηθείας Ἀξιωματικῶν.

Ἐτονίσθη ἐπίσης ἡ ἀνάγκη ἰσότητος μεταξὺ τῶν ἀξιωματικῶν ὅλων τῶν ὅπλων καὶ σωμάτων τῶν Ἐνόπλων Δυνάμεων.

Κατὰ τὴν χθεσινὴν συνεδρίασιν τῆς Ἐπιτροπῆς Ἐξοπλισμοῦ ἐψηφίσθη εἰς τὸ σύνολον τὸ νομοσχέδιον διὰ τοῦ ὁποίου ἱδρύεται Ταμεῖον Ἀλληλοβοηθείας Ἀξιωματικῶν.

Ἐτονίσθη ἐπίσης ἡ ἀνάγκη ἰσότητος μεταξὺ τῶν ἀξιωματικῶν ὅλων τῶν ὅπλων καὶ σωμάτων τῶν Ἐνόπλων Δυνάμεων.

Κατὰ τὴν χθεσινὴν συνεδρίασιν τῆς Ἐπιτροπῆς Ἐξοπλισμοῦ ἐψηφίσθη εἰς τὸ σύνολον τὸ νομοσχέδιον διὰ τοῦ ὁποίου ἱδρύεται Ταμεῖον Ἀλληλοβοηθείας Ἀξιωματικῶν.

ΕΓΚΑΙΝΙΑ ΤΟΥ ΑΘΛΗΤΙΚΟΥ ΚΕΝΤΡΟΥ ΝΕΟΤΗΤΟΣ ΕΙΣ ΤΟΝ ΑΓΙΟΝ ΚΟΣΜΑΝ

Τὸ Ἀθλητικὸν Κέντρον τοῦ Ἁγίου Κοσμᾶ θὰ ἐγκαινιασθῇ τὴν προσεχῆ Κυριακὴν παρουσίᾳ τοῦ Ὑπουργοῦ. Τὸ κέντρον περιλαμβάνει γήπεδα ποδοσφαίρου, καλαθοσφαιρίσεως καὶ κολυμβητήριον.

Ο ΛΟΓΟΣ ΤΟΥ ΥΦΥΠΟΥΡΓΟΥ

Τὸ Ἀθλητικὸν Κέντρον τοῦ Ἁγίου Κοσμᾶ θὰ ἐγκαινιασθῇ τὴν προσεχῆ Κυριακὴν παρουσίᾳ τοῦ Ὑπουργοῦ. Τὸ κέντρον περιλαμβάνει γήπεδα ποδοσφαίρου, καλαθοσφαιρίσεως καὶ κολυμβητήριον.

Τὸ Ἀθλητικὸν Κέντρον τοῦ Ἁγίου Κοσμᾶ θὰ ἐγκαινιασθῇ τὴν προσεχῆ Κυριακὴν παρουσίᾳ τοῦ Ὑπουργοῦ. Τὸ κέντρον περιλαμβάνει γήπεδα ποδοσφαίρου, καλαθοσφαιρίσεως καὶ κολυμβητήριον.

Τὸ Ἀθλητικὸν Κέντρον τοῦ Ἁγίου Κοσμᾶ θὰ ἐγκαινιασθῇ τὴν προσεχῆ Κυριακὴν παρουσίᾳ τοῦ Ὑπουργοῦ. Τὸ κέντρον περιλαμβάνει γήπεδα ποδοσφαίρου, καλαθοσφαιρίσεως καὶ κολυμβητήριον.

ΔΙΟΡΙΣΜΟΙ ΚΑΘΗΓΗΤΩΝ ΕΙΣ ΑΝΩΤΑΤΑΣ ΣΧΟΛΑΣ

Διὰ βασιλικῶν διαταγμάτων διωρίσθησαν καθηγηταὶ εἰς τὰς Ἀνωτάτας Σχολὰς τῆς χώρας κατόπιν εἰσηγήσεως τῶν ἁρμοδίων συμβουλίων.

Η ΚΥΡΟΣ ΗΥΞΗΣΕ ΤΟΝ ΔΑΣΜΟΝ ΕΙΣΑΓΩΓΗΣ ΚΑΠΝΟΥ ΒΙΡΓΙΝΙΑΣ

ΛΕΥΚΩΣΙΑ, 9. (Ρώυτερ).— Ἡ κυβέρνησις τῆς Κύπρου ηὔξησε τὸν δασμὸν εἰσαγωγῆς καπνοῦ.

ΜΑΘΗΜΑΤΑ ΔΙ' ΑΛΛΗΛΟΓΡΑΦΙΑΣ

ΑΓΓΛΙΚΗΣ ΛΟΓΙΣΤΙΚΗΣ ΡΑΔΙΟΤΕΧΝΙΑΣ ΚΑΙ ΑΛΛΩΝ ΜΑΘΗΜΑΤΩΝ

20.000 δρχ. εἰς ὅποιον πληροφορήσει τὴν ἐξαφάνισιν φορτηγοῦ αὐτοκινήτου.

Διὰ βασιλικῶν διαταγμάτων διωρίσθησαν καθηγηταὶ εἰς τὰς Ἀνωτάτας Σχολὰς τῆς χώρας κατόπιν εἰσηγήσεως τῶν ἁρμοδίων συμβουλίων.

ΔΙΑΓΩΝΙΣΜΟΣ ΔΙΑ ΠΡΟΣΛΗΨΙΝ 75 ΤΕΧΝΙΚΩΝ ΥΠΑΛΛΗΛΩΝ

Προκηρύσσεται διαγωνισμὸς διὰ τὴν πρόσληψιν τεχνικῶν ὑπαλλήλων.

Η ΔΡΑΣΙΣ ΤΩΝ ΤΡΟΧΩΝ

Κατὰ τὸ τελευταῖον 24ωρον ἐσημειώθησαν τροχαῖα ἀτυχήματα εἰς τὴν περιοχὴν τῆς πρωτευούσης.

ΑΠΟ ΜΟΤΟΣΑΚΟ

ΛΑΡΙΣΑ, 9.— Ἐτραυματίσθη σοβαρῶς νεαρὸς μοτοσυκλετιστής.
